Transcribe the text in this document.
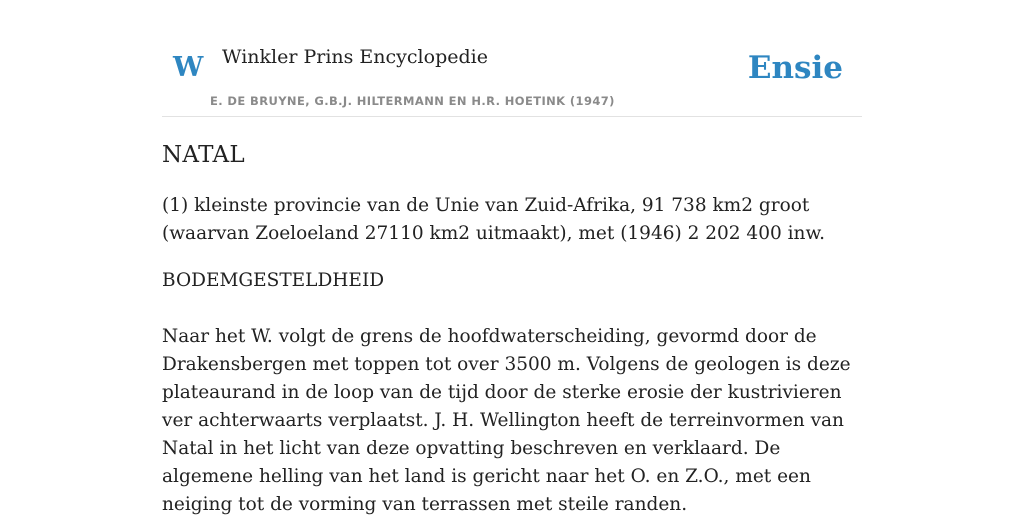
W Winkler Prins Encyclopedie
E. DE BRUYNE, G.B.J. HILTERMANN EN H.R. HOETINK (1947)
Ensie
NATAL

(1) kleinste provincie van de Unie van Zuid-Afrika, 91 738 km2 groot (waarvan Zoeloeland 27110 km2 uitmaakt), met (1946) 2 202 400 inw.

BODEMGESTELDHEID

Naar het W. volgt de grens de hoofdwaterscheiding, gevormd door de Drakensbergen met toppen tot over 3500 m. Volgens de geologen is deze plateaurand in de loop van de tijd door de sterke erosie der kustrivieren ver achterwaarts verplaatst. J. H. Wellington heeft de terreinvormen van Natal in het licht van deze opvatting beschreven en verklaard. De algemene helling van het land is gericht naar het O. en Z.O., met een neiging tot de vorming van terrassen met steile randen.
